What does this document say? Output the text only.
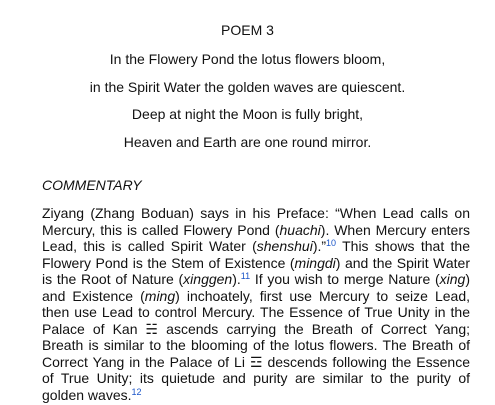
POEM 3
In the Flowery Pond the lotus flowers bloom,
in the Spirit Water the golden waves are quiescent.
Deep at night the Moon is fully bright,
Heaven and Earth are one round mirror.
COMMENTARY

Ziyang (Zhang Boduan) says in his Preface: “When Lead calls on Mercury, this is called Flowery Pond (huachi). When Mercury enters Lead, this is called Spirit Water (shenshui).”$^{10}$ This shows that the Flowery Pond is the Stem of Existence (mingdi) and the Spirit Water is the Root of Nature (xinggen).$^{11}$ If you wish to merge Nature (xing) and Existence (ming) inchoately, first use Mercury to seize Lead, then use Lead to control Mercury. The Essence of True Unity in the Palace of Kan ☵ ascends carrying the Breath of Correct Yang; Breath is similar to the blooming of the lotus flowers. The Breath of Correct Yang in the Palace of Li ☲ descends following the Essence of True Unity; its quietude and purity are similar to the purity of golden waves.$^{12}$
